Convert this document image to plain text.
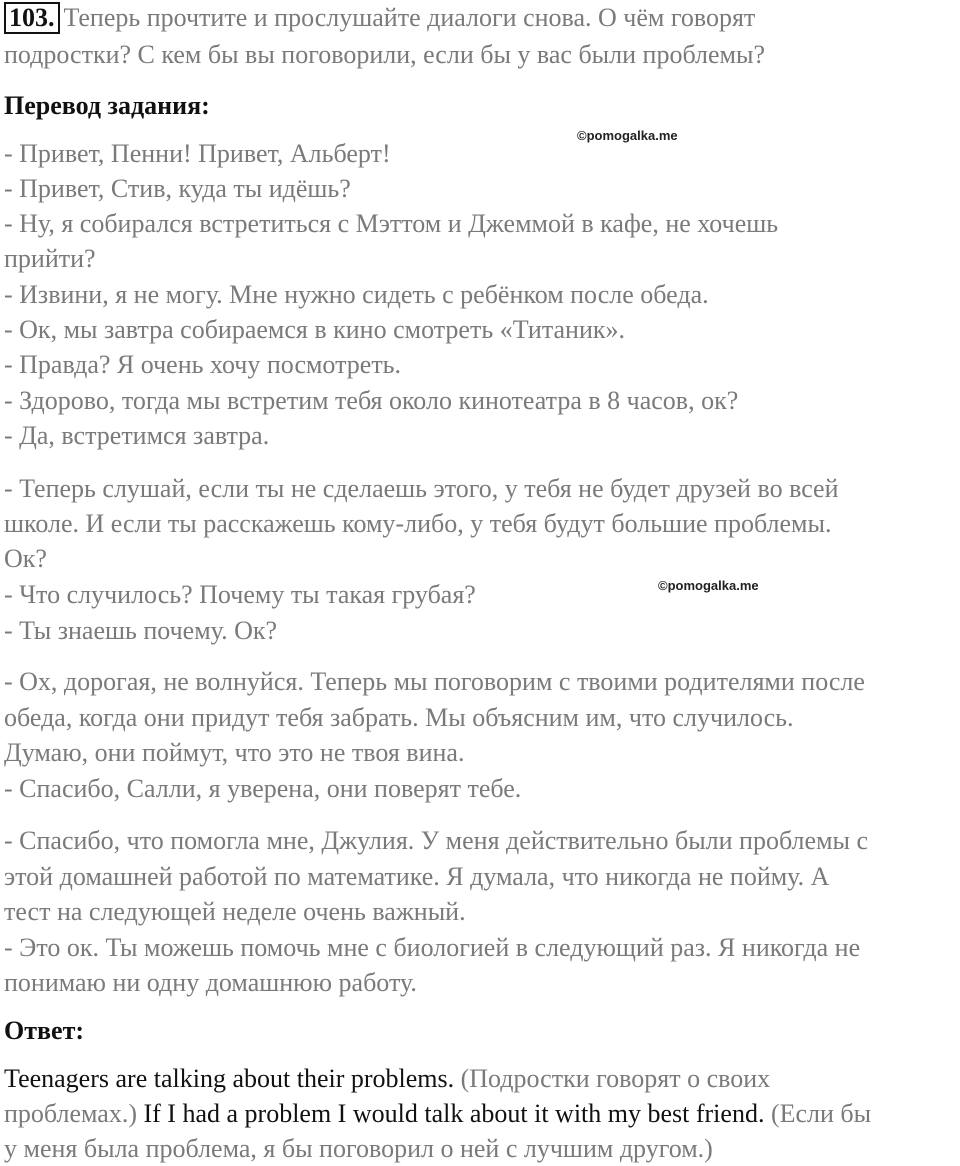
103. Теперь прочтите и прослушайте диалоги снова. О чём говорят
подростки? С кем бы вы поговорили, если бы у вас были проблемы?
Перевод задания:
©pomogalka.me
- Привет, Пенни! Привет, Альберт!
- Привет, Стив, куда ты идёшь?
- Ну, я собирался встретиться с Мэттом и Джеммой в кафе, не хочешь
прийти?
- Извини, я не могу. Мне нужно сидеть с ребёнком после обеда.
- Ок, мы завтра собираемся в кино смотреть «Титаник».
- Правда? Я очень хочу посмотреть.
- Здорово, тогда мы встретим тебя около кинотеатра в 8 часов, ок?
- Да, встретимся завтра.
- Теперь слушай, если ты не сделаешь этого, у тебя не будет друзей во всей
школе. И если ты расскажешь кому-либо, у тебя будут большие проблемы.
Ок?
©pomogalka.me
- Что случилось? Почему ты такая грубая?
- Ты знаешь почему. Ок?
- Ох, дорогая, не волнуйся. Теперь мы поговорим с твоими родителями после
обеда, когда они придут тебя забрать. Мы объясним им, что случилось.
Думаю, они поймут, что это не твоя вина.
- Спасибо, Салли, я уверена, они поверят тебе.
- Спасибо, что помогла мне, Джулия. У меня действительно были проблемы с
этой домашней работой по математике. Я думала, что никогда не пойму. А
тест на следующей неделе очень важный.
- Это ок. Ты можешь помочь мне с биологией в следующий раз. Я никогда не
понимаю ни одну домашнюю работу.
Ответ:
Teenagers are talking about their problems. (Подростки говорят о своих
проблемах.) If I had a problem I would talk about it with my best friend. (Если бы
у меня была проблема, я бы поговорил о ней с лучшим другом.)
